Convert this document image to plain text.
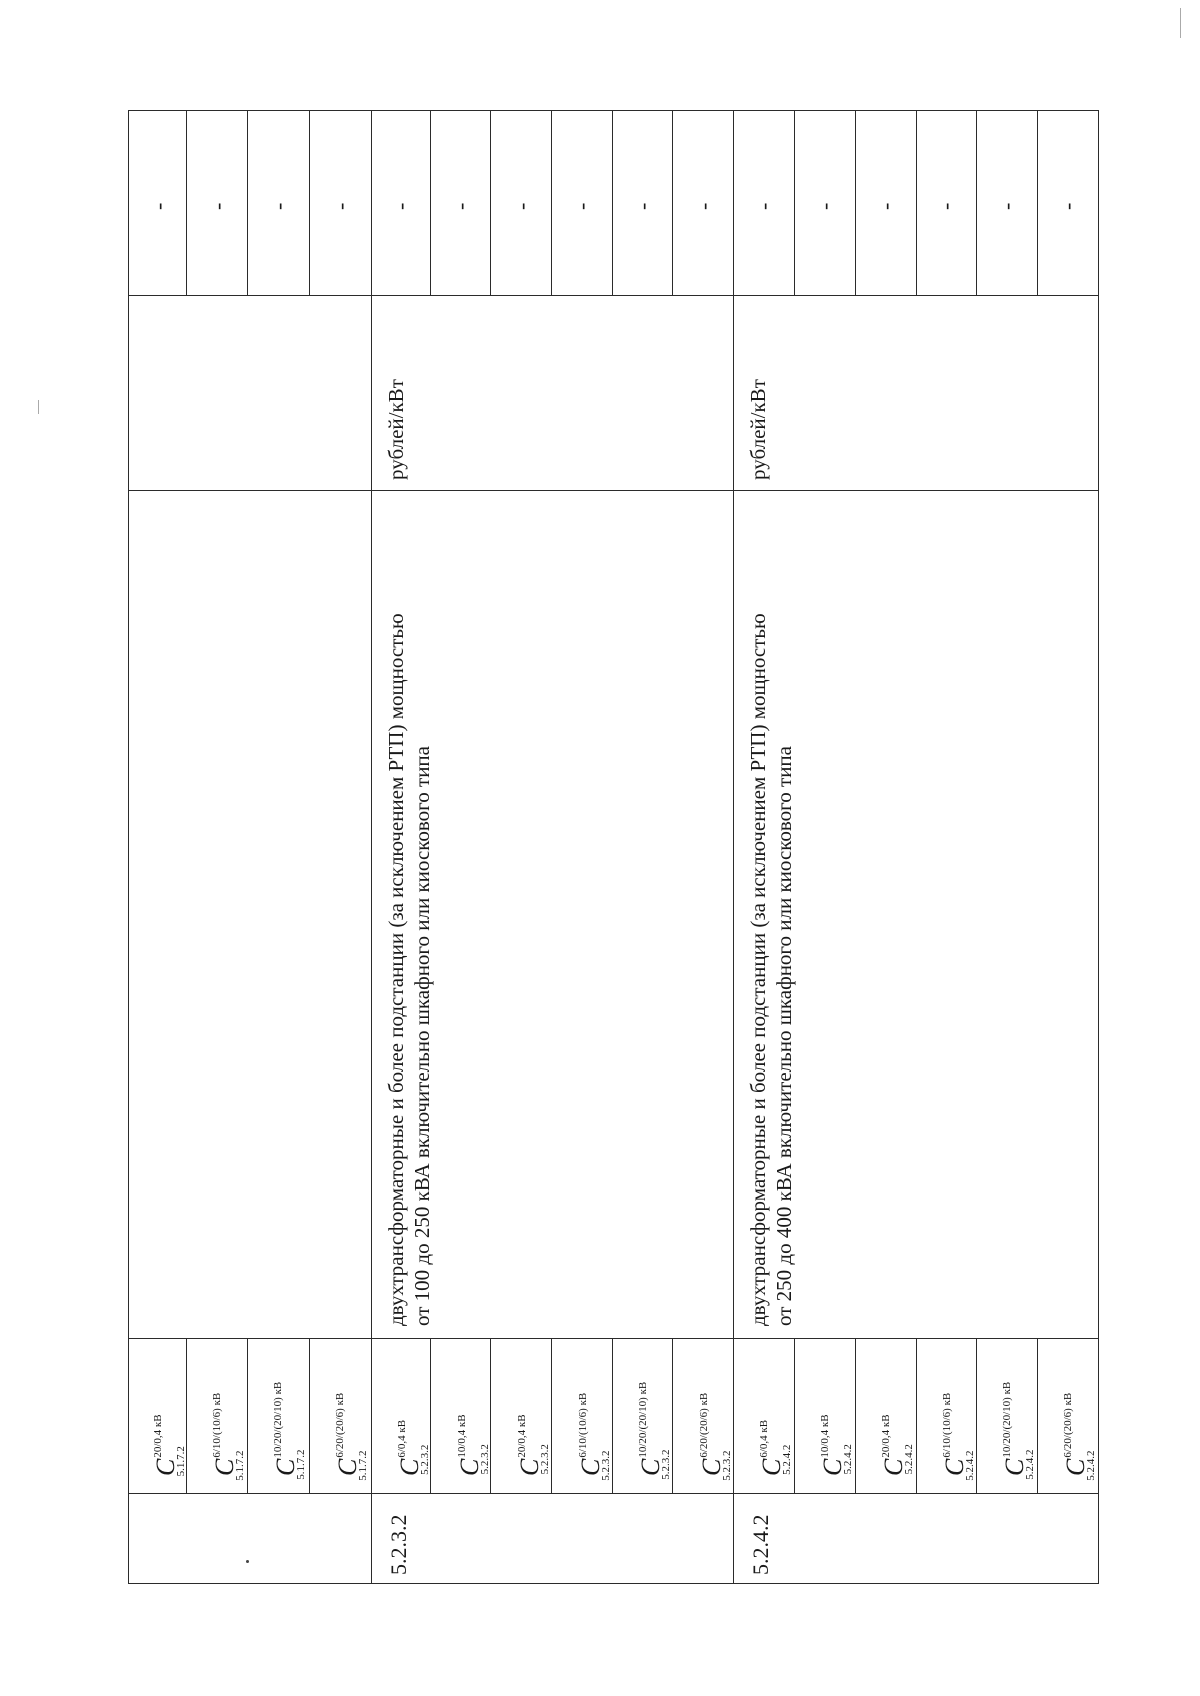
$C^{20/0,4 кВ}_{5.1.7.2}$ $C^{6/10/(10/6) кВ}_{5.1.7.2}$ $C^{10/20/(20/10) кВ}_{5.1.7.2}$ $C^{6/20/(20/6) кВ}_{5.1.7.2}$
- - - -
5.2.3.2
двухтрансформаторные и более подстанции (за исключением РТП) мощностью от 100 до 250 кВА включительно шкафного или киоскового типа
рублей/кВт
$C^{6/0,4 кВ}_{5.2.3.2}$ $C^{10/0,4 кВ}_{5.2.3.2}$ $C^{20/0,4 кВ}_{5.2.3.2}$ $C^{6/10/(10/6) кВ}_{5.2.3.2}$ $C^{10/20/(20/10) кВ}_{5.2.3.2}$ $C^{6/20/(20/6) кВ}_{5.2.3.2}$
- - - - - -
5.2.4.2
двухтрансформаторные и более подстанции (за исключением РТП) мощностью от 250 до 400 кВА включительно шкафного или киоскового типа
рублей/кВт
$C^{6/0,4 кВ}_{5.2.4.2}$ $C^{10/0,4 кВ}_{5.2.4.2}$ $C^{20/0,4 кВ}_{5.2.4.2}$ $C^{6/10/(10/6) кВ}_{5.2.4.2}$ $C^{10/20/(20/10) кВ}_{5.2.4.2}$ $C^{6/20/(20/6) кВ}_{5.2.4.2}$
- - - - - -
